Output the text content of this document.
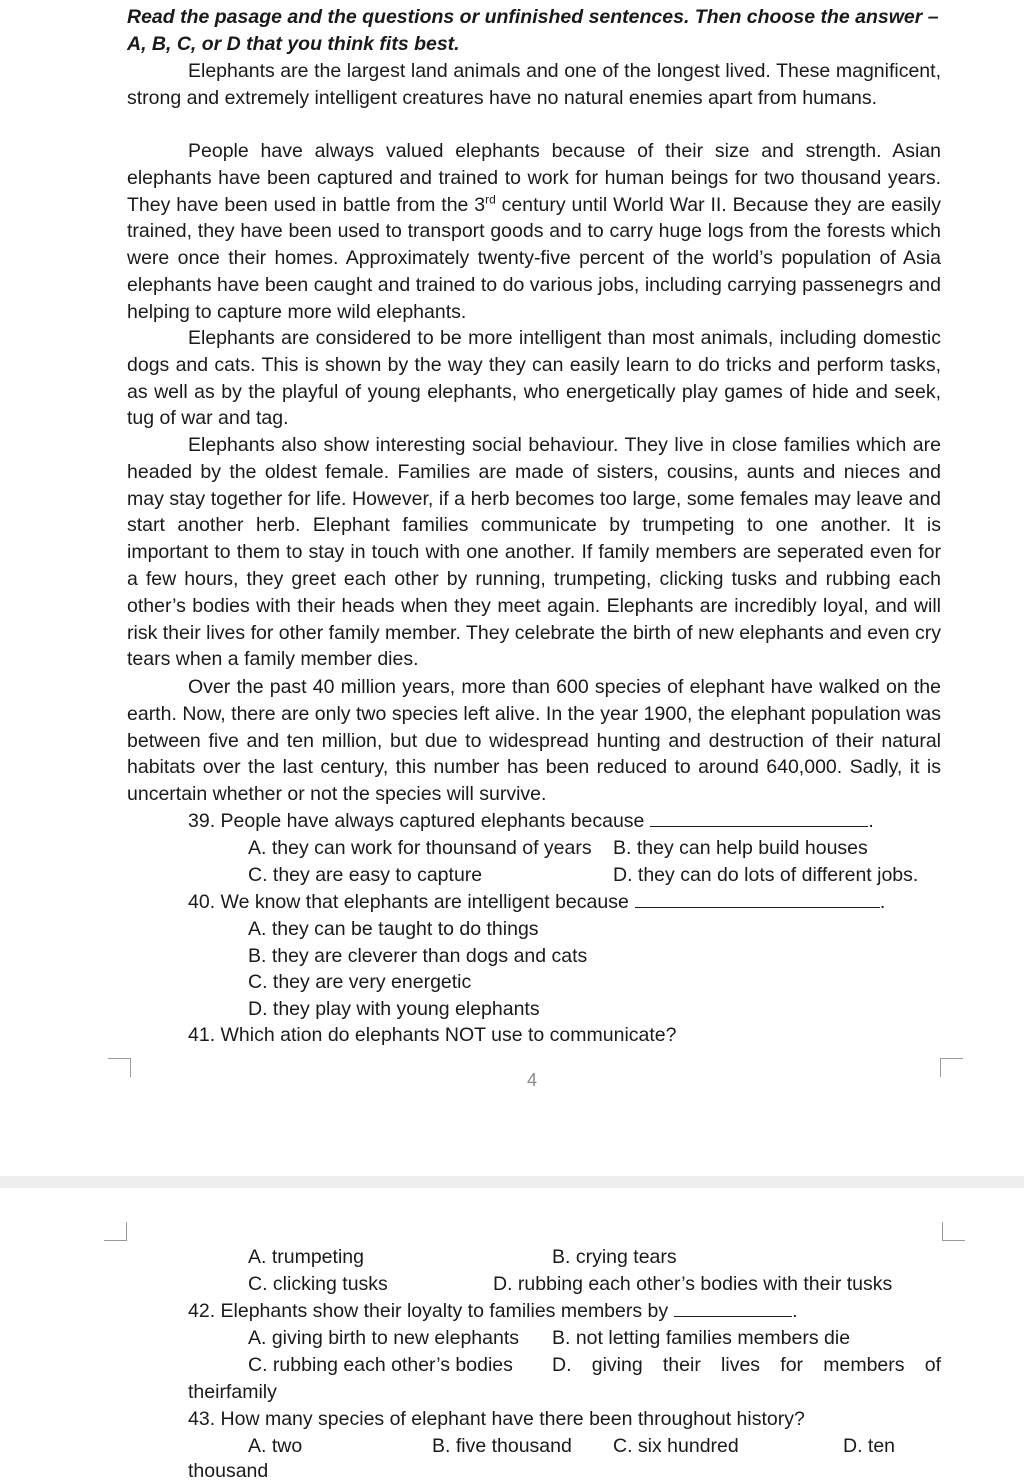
Read the pasage and the questions or unfinished sentences. Then choose the answer –
A, B, C, or D that you think fits best.

Elephants are the largest land animals and one of the longest lived. These magnificent, strong and extremely intelligent creatures have no natural enemies apart from humans.

People have always valued elephants because of their size and strength. Asian elephants have been captured and trained to work for human beings for two thousand years. They have been used in battle from the 3rd century until World War II. Because they are easily trained, they have been used to transport goods and to carry huge logs from the forests which were once their homes. Approximately twenty-five percent of the world’s population of Asia elephants have been caught and trained to do various jobs, including carrying passenegrs and helping to capture more wild elephants.

Elephants are considered to be more intelligent than most animals, including domestic dogs and cats. This is shown by the way they can easily learn to do tricks and perform tasks, as well as by the playful of young elephants, who energetically play games of hide and seek, tug of war and tag.

Elephants also show interesting social behaviour. They live in close families which are headed by the oldest female. Families are made of sisters, cousins, aunts and nieces and may stay together for life. However, if a herb becomes too large, some females may leave and start another herb. Elephant families communicate by trumpeting to one another. It is important to them to stay in touch with one another. If family members are seperated even for a few hours, they greet each other by running, trumpeting, clicking tusks and rubbing each other’s bodies with their heads when they meet again. Elephants are incredibly loyal, and will risk their lives for other family member. They celebrate the birth of new elephants and even cry tears when a family member dies.

Over the past 40 million years, more than 600 species of elephant have walked on the earth. Now, there are only two species left alive. In the year 1900, the elephant population was between five and ten million, but due to widespread hunting and destruction of their natural habitats over the last century, this number has been reduced to around 640,000. Sadly, it is uncertain whether or not the species will survive.

39. People have always captured elephants because	.
A. they can work for thounsand of years B. they can help build houses
C. they are easy to capture	D. they can do lots of different jobs.
40. We know that elephants are intelligent because	.
A. they can be taught to do things
B. they are cleverer than dogs and cats
C. they are very energetic
D. they play with young elephants
41. Which ation do elephants NOT use to communicate?
4
A. trumpeting	B. crying tears
C. clicking tusks	D. rubbing each other’s bodies with their tusks
42. Elephants show their loyalty to families members by	.
A. giving birth to new elephants B. not letting families members die
C. rubbing each other’s bodies D. giving their lives for members of
theirfamily
43. How many species of elephant have there been throughout history?
A. two	B. five thousand C. six hundred	D. ten
thousand
